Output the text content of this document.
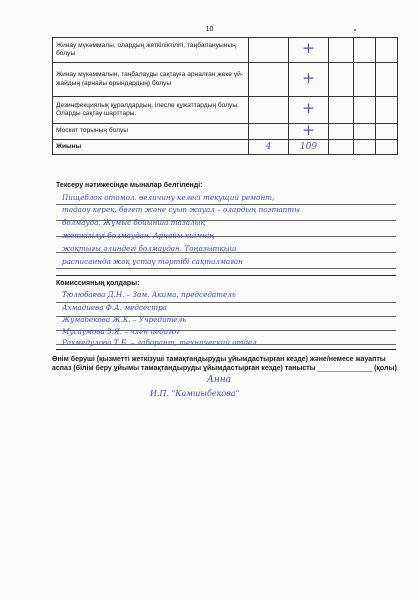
10
Жинау мүкәммалы, олардың жеткіліктілігі, таңбалануының болуы		+			
Жинау мүкәммалын, таңбалауды сақтауға арналған жеке үй-жайдың (арнайы орындардың) болуы		+			
Дезинфекциялық құралдардың, ілесле құжаттардың болуы. Оларды сақтау шарттары.		+			
Москит торының болуы		+			
Жиыны	4	109			
Тексеру нәтижесінде мыналар белгіленді:
Пищеблок отомол. величину келесі текущий ремонт,
тадаоу керек, бөгет және суып жауал – олардың поэтапты
болмауда. Жұмыс бойынша тазалық
жеткізілуі болмаудан. Арнайы киімнің
жоқтығы әлиндегі болмаудан. Тоңазытқыш
расписаннда жоқ ұстау тәртібі сақталмаған
Комиссияның қолдары:
Тюлюбаева Д.Н. – Зам. Акима, председатель
Ахмадиева Ф.А. медсестра
Жумабекова Ж.К. – Учредитель
Мусаумова З.Я. – член педагог
Рахмедулова Т.Б. – лаборант, технический отдел
Өнім беруші (қызметті жеткізуші тамақтандыруды ұйымдастырған кезде) және/немесе жауапты аспаз (білім беру ұйымы тамақтандыруды ұйымдастырған кезде) танысты ______________ (қолы)
Анна
И.П. "Камшыбекова"
